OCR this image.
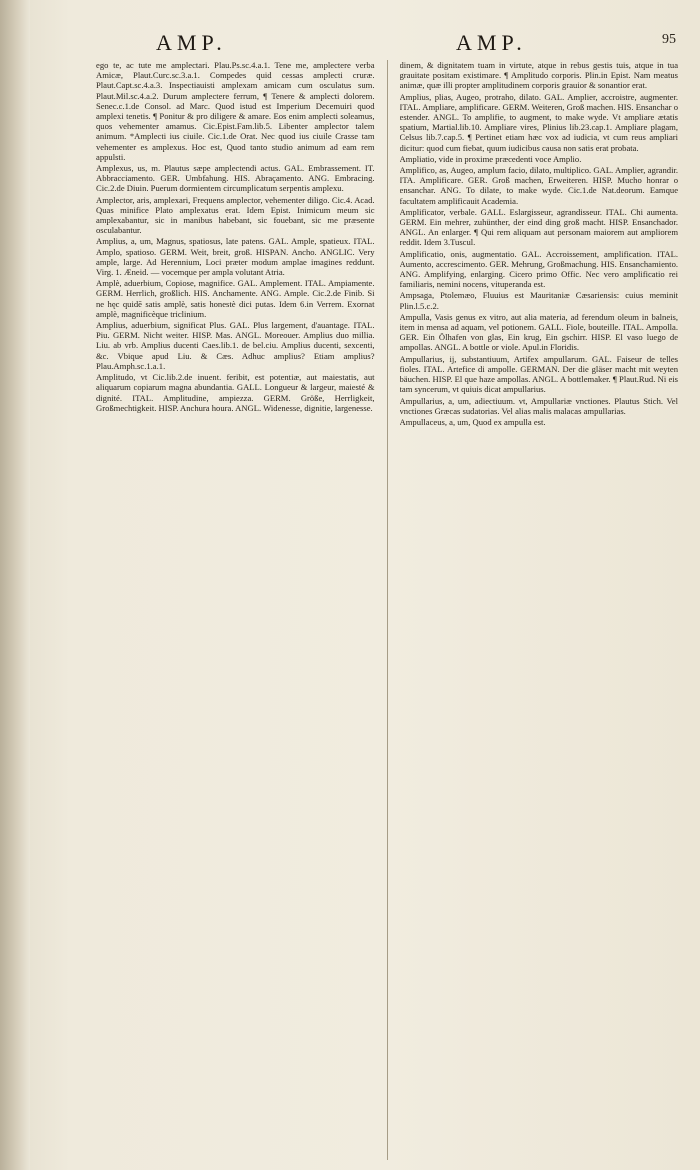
AMP.	AMP.	95

ego te, ac tute me amplectari. Plau.Ps.sc.4.a.1. Tene me, amplectere verba Amicæ, Plaut.Curc.sc.3.a.1. Compedes quid cessas amplecti cruræ. Plaut.Capt.sc.4.a.3. Inspectiauisti amplexam amicam cum osculatus sum. Plaut.Mil.sc.4.a.2. Durum amplectere ferrum, ¶ Tenere & amplecti dolorem. Senec.c.1.de Consol. ad Marc. Quod istud est Imperium Decemuiri quod amplexi tenetis. ¶ Ponitur & pro diligere & amare. Eos enim amplecti soleamus, quos vehementer amamus. Cic.Epist.Fam.lib.5. Libenter amplector talem animum. *Amplecti ius ciuile. Cic.1.de Orat. Nec quod ius ciuile Crasse tam vehementer es amplexus. Hoc est, Quod tanto studio animum ad eam rem appulsti.

Amplexus, us, m. Plautus sæpe amplectendi actus. GAL. Embrassement. IT. Abbracciamento. GER. Umbfahung. HIS. Abraçamento. ANG. Embracing. Cic.2.de Diuin. Puerum dormientem circumplicatum serpentis amplexu.

Amplector, aris, amplexari, Frequens amplector, vehementer diligo. Cic.4. Acad. Quas minifice Plato amplexatus erat. Idem Epist. Inimicum meum sic amplexabantur, sic in manibus habebant, sic fouebant, sic me præsente osculabantur.

Amplius, a, um, Magnus, spatiosus, late patens. GAL. Ample, spatieux. ITAL. Amplo, spatioso. GERM. Weit, breit, groß. HISPAN. Ancho. ANGLIC. Very ample, large. Ad Herennium, Loci præter modum amplae imagines reddunt. Virg. 1. Æneid. — vocemque per ampla volutant Atria.

Amplè, aduerbium, Copiose, magnifice. GAL. Amplement. ITAL. Ampiamente. GERM. Herrlich, großlich. HIS. Anchamente. ANG. Ample. Cic.2.de Finib. Si ne hęc quidē satis amplè, satis honestè dici putas. Idem 6.in Verrem. Exornat amplè, magnificèque triclinium.

Amplius, aduerbium, significat Plus. GAL. Plus largement, d'auantage. ITAL. Piu. GERM. Nicht weiter. HISP. Mas. ANGL. Moreouer. Amplius duo millia. Liu. ab vrb. Amplius ducenti Caes.lib.1. de bel.ciu. Amplius ducenti, sexcenti, &c. Vbique apud Liu. & Cæs. Adhuc amplius? Etiam amplius? Plau.Amph.sc.1.a.1.

Amplitudo, vt Cic.lib.2.de inuent. feribit, est potentiæ, aut maiestatis, aut aliquarum copiarum magna abundantia. GALL. Longueur & largeur, maiesté & dignité. ITAL. Amplitudine, ampiezza. GERM. Größe, Herrligkeit, Großmechtigkeit. HISP. Anchura houra. ANGL. Widenesse, dignitie, largenesse.

dinem, & dignitatem tuam in virtute, atque in rebus gestis tuis, atque in tua grauitate positam existimare. ¶ Amplitudo corporis. Plin.in Epist. Nam meatus animæ, quæ illi propter amplitudinem corporis grauior & sonantior erat.

Amplius, plias, Augeo, protraho, dilato. GAL. Amplier, accroistre, augmenter. ITAL. Ampliare, amplificare. GERM. Weiteren, Groß machen. HIS. Ensanchar o estender. ANGL. To amplifie, to augment, to make wyde. Vt ampliare ætatis spatium, Martial.lib.10. Ampliare vires, Plinius lib.23.cap.1. Ampliare plagam, Celsus lib.7.cap.5. ¶ Pertinet etiam hæc vox ad iudicia, vt cum reus ampliari dicitur: quod cum fiebat, quum iudicibus causa non satis erat probata.

Ampliatio, vide in proxime præcedenti voce Amplio.

Amplifico, as, Augeo, amplum facio, dilato, multiplico. GAL. Amplier, agrandir. ITA. Amplificare. GER. Groß machen, Erweiteren. HISP. Mucho honrar o ensanchar. ANG. To dilate, to make wyde. Cic.1.de Nat.deorum. Eamque facultatem amplificauit Academia.

Amplificator, verbale. GALL. Eslargisseur, agrandisseur. ITAL. Chi aumenta. GERM. Ein mehrer, zuhünther, der eind ding groß macht. HISP. Ensanchador. ANGL. An enlarger. ¶ Qui rem aliquam aut personam maiorem aut ampliorem reddit. Idem 3.Tuscul.

Amplificatio, onis, augmentatio. GAL. Accroissement, amplification. ITAL. Aumento, accrescimento. GER. Mehrung, Großmachung. HIS. Ensanchamiento. ANG. Amplifying, enlarging. Cicero primo Offic. Nec vero amplificatio rei familiaris, nemini nocens, vituperanda est.

Ampsaga, Ptolemæo, Fluuius est Mauritaniæ Cæsariensis: cuius meminit Plin.l.5.c.2.

Ampulla, Vasis genus ex vitro, aut alia materia, ad ferendum oleum in balneis, item in mensa ad aquam, vel potionem. GALL. Fiole, bouteille. ITAL. Ampolla. GER. Ein Ölhafen von glas, Ein krug, Ein gschirr. HISP. El vaso luego de ampollas. ANGL. A bottle or viole. Apul.in Floridis.

Ampullarius, ij, substantiuum, Artifex ampullarum. GAL. Faiseur de telles fioles. ITAL. Artefice di ampolle. GERMAN. Der die gläser macht mit weyten bäuchen. HISP. El que haze ampollas. ANGL. A bottlemaker. ¶ Plaut.Rud. Ni eis tam syncerum, vt quiuis dicat ampullarius.

Ampullarius, a, um, adiectiuum. vt, Ampullariæ vnctiones. Plautus Stich. Vel vnctiones Græcas sudatorias. Vel alias malis malacas ampullarias.

Ampullaceus, a, um, Quod ex ampulla est.
